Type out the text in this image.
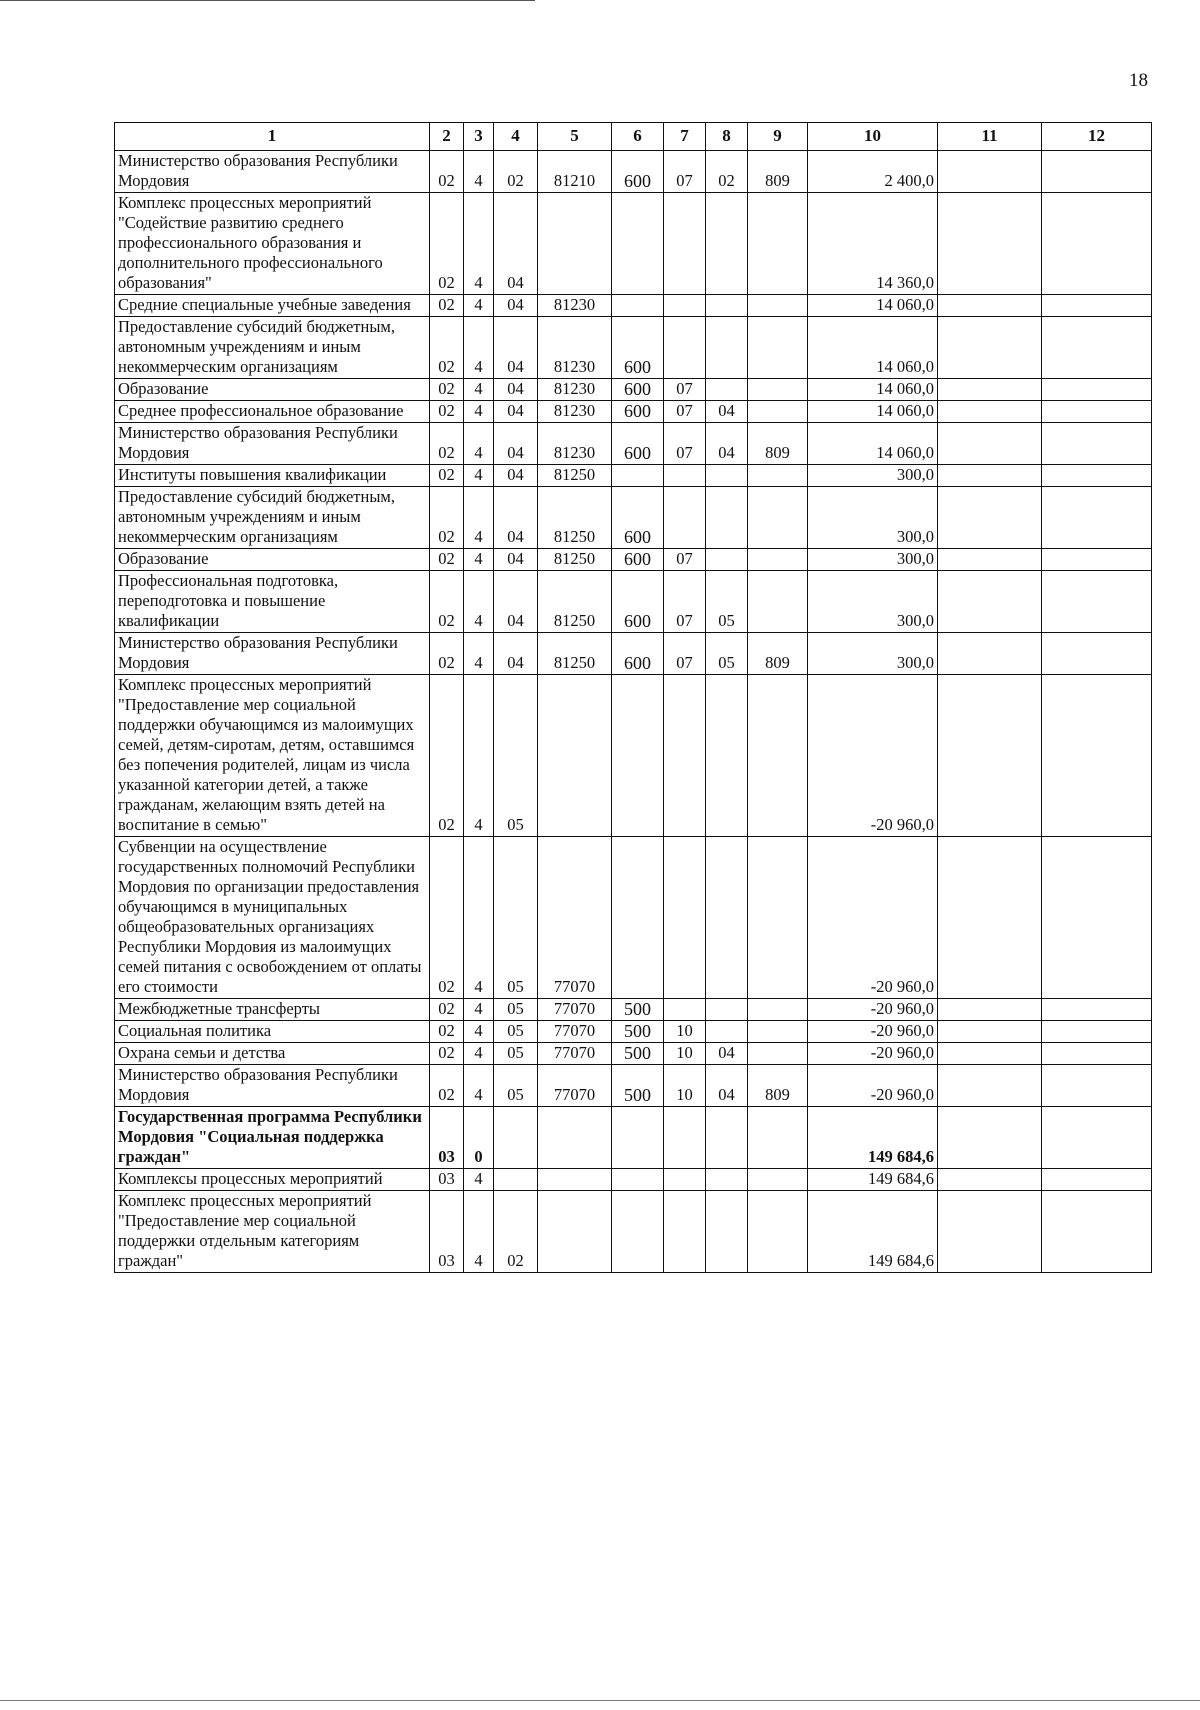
18
1	2	3	4	5	6	7	8	9	10	11	12
Министерство образования Республики Мордовия	02	4	02	81210	600	07	02	809	2 400,0		
Комплекс процессных мероприятий "Содействие развитию среднего профессионального образования и дополнительного профессионального образования"	02	4	04						14 360,0		
Средние специальные учебные заведения	02	4	04	81230					14 060,0		
Предоставление субсидий бюджетным, автономным учреждениям и иным некоммерческим организациям	02	4	04	81230	600				14 060,0		
Образование	02	4	04	81230	600	07			14 060,0		
Среднее профессиональное образование	02	4	04	81230	600	07	04		14 060,0		
Министерство образования Республики Мордовия	02	4	04	81230	600	07	04	809	14 060,0		
Институты повышения квалификации	02	4	04	81250					300,0		
Предоставление субсидий бюджетным, автономным учреждениям и иным некоммерческим организациям	02	4	04	81250	600				300,0		
Образование	02	4	04	81250	600	07			300,0		
Профессиональная подготовка, переподготовка и повышение квалификации	02	4	04	81250	600	07	05		300,0		
Министерство образования Республики Мордовия	02	4	04	81250	600	07	05	809	300,0		
Комплекс процессных мероприятий "Предоставление мер социальной поддержки обучающимся из малоимущих семей, детям-сиротам, детям, оставшимся без попечения родителей, лицам из числа указанной категории детей, а также гражданам, желающим взять детей на воспитание в семью"	02	4	05						-20 960,0		
Субвенции на осуществление государственных полномочий Республики Мордовия по организации предоставления обучающимся в муниципальных общеобразовательных организациях Республики Мордовия из малоимущих семей питания с освобождением от оплаты его стоимости	02	4	05	77070					-20 960,0		
Межбюджетные трансферты	02	4	05	77070	500				-20 960,0		
Социальная политика	02	4	05	77070	500	10			-20 960,0		
Охрана семьи и детства	02	4	05	77070	500	10	04		-20 960,0		
Министерство образования Республики Мордовия	02	4	05	77070	500	10	04	809	-20 960,0		
Государственная программа Республики Мордовия "Социальная поддержка граждан"	03	0							149 684,6		
Комплексы процессных мероприятий	03	4							149 684,6		
Комплекс процессных мероприятий "Предоставление мер социальной поддержки отдельным категориям граждан"	03	4	02						149 684,6		
